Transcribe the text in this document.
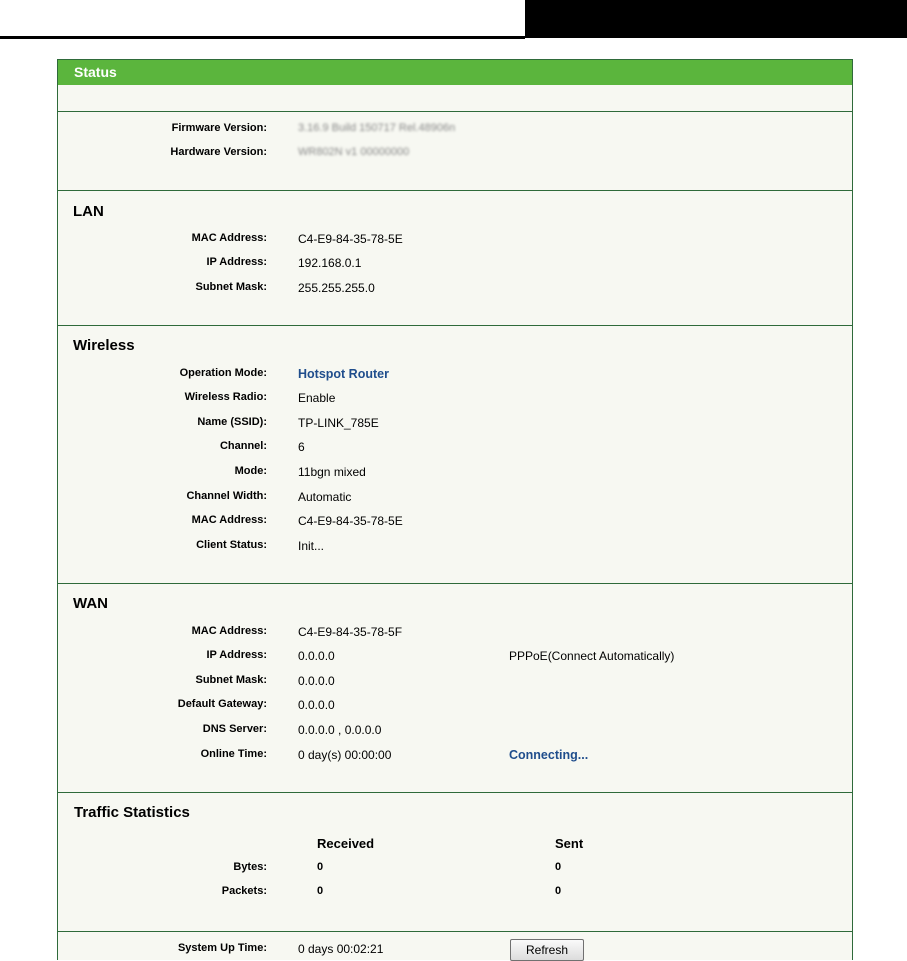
Status
Firmware Version:	3.16.9 Build 150717 Rel.48906n
Hardware Version:	WR802N v1 00000000
LAN
MAC Address:	C4-E9-84-35-78-5E
IP Address:	192.168.0.1
Subnet Mask:	255.255.255.0
Wireless
Operation Mode: Hotspot Router
Wireless Radio:	Enable
Name (SSID):	TP-LINK_785E
Channel:	6
Mode:	11bgn mixed
Channel Width:	Automatic
MAC Address:	C4-E9-84-35-78-5E
Client Status:	Init...
WAN
MAC Address:	C4-E9-84-35-78-5F
IP Address:	0.0.0.0	PPPoE(Connect Automatically)
Subnet Mask:	0.0.0.0
Default Gateway:	0.0.0.0
DNS Server:	0.0.0.0 , 0.0.0.0
Online Time:	0 day(s) 00:00:00	Connecting...
Traffic Statistics
Received	Sent
Bytes:	0	0
Packets:	0	0
System Up Time:	0 days 00:02:21	Refresh
